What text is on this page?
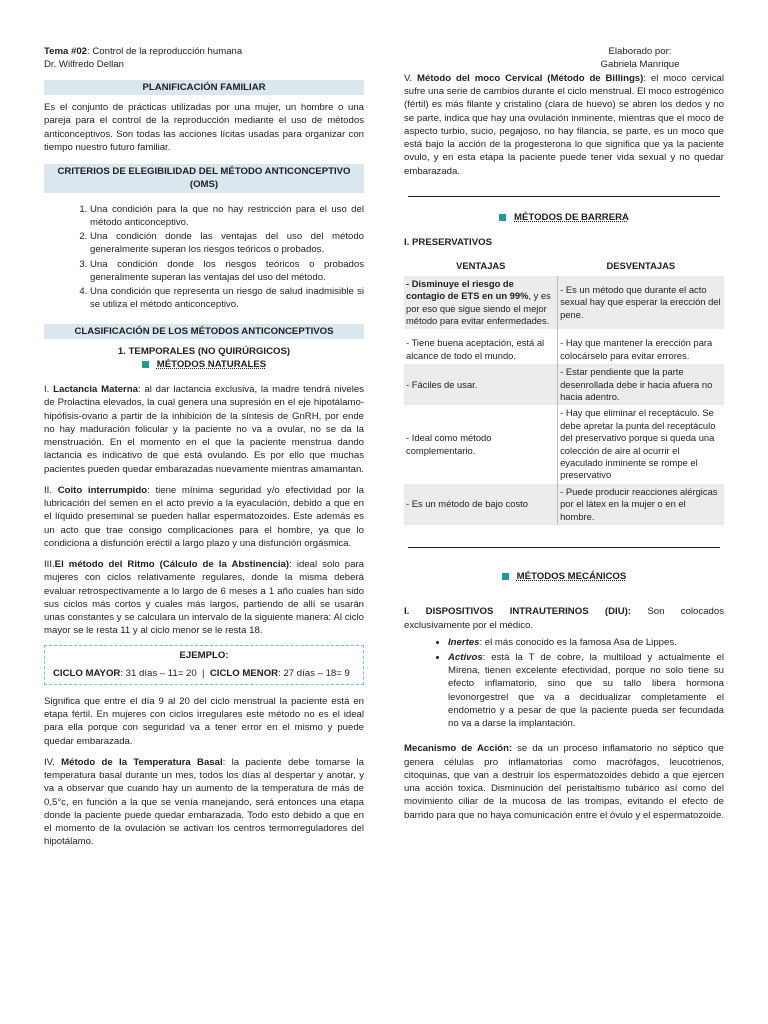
Tema #02: Control de la reproducción humana
Dr. Wilfredo Dellan
Elaborado por:
Gabriela Manrique
PLANIFICACIÓN FAMILIAR

Es el conjunto de prácticas utilizadas por una mujer, un hombre o una pareja para el control de la reproducción mediante el uso de métodos anticonceptivos. Son todas las acciones lícitas usadas para organizar con tiempo nuestro futuro familiar.

CRITERIOS DE ELEGIBILIDAD DEL MÉTODO ANTICONCEPTIVO (OMS)
1. Una condición para la que no hay restricción para el uso del método anticonceptivo.
2. Una condición donde las ventajas del uso del método generalmente superan los riesgos teóricos o probados.
3. Una condición donde los riesgos teóricos o probados generalmente superan las ventajas del uso del método.
4. Una condición que representa un riesgo de salud inadmisible si se utiliza el método anticonceptivo.
CLASIFICACIÓN DE LOS MÉTODOS ANTICONCEPTIVOS
1. TEMPORALES (NO QUIRÚRGICOS)
MÉTODOS NATURALES

I. Lactancia Materna: al dar lactancia exclusiva, la madre tendrá niveles de Prolactina elevados, la cual genera una supresión en el eje hipotálamo-hipófisis-ovario a partir de la inhibición de la síntesis de GnRH, por ende no hay maduración folicular y la paciente no va a ovular, no se da la menstruación. En el momento en el que la paciente menstrua dando lactancia es indicativo de que está ovulando. Es por ello que muchas pacientes pueden quedar embarazadas nuevamente mientras amamantan.

II. Coito interrumpido: tiene mínima seguridad y/o efectividad por la lubricación del semen en el acto previo a la eyaculación, debido a que en el líquido preseminal se pueden hallar espermatozoides. Este además es un acto que trae consigo complicaciones para el hombre, ya que lo condiciona a disfunción eréctil a largo plazo y una disfunción orgásmica.

III.El método del Ritmo (Cálculo de la Abstinencia): ideal solo para mujeres con ciclos relativamente regulares, donde la misma deberá evaluar retrospectivamente a lo largo de 6 meses a 1 año cuales han sido sus ciclos más cortos y cuales más largos, partiendo de allí se usarán unas constantes y se calculara un intervalo de la siguiente manera: Al ciclo mayor se le resta 11 y al ciclo menor se le resta 18.

EJEMPLO:
CICLO MAYOR: 31 días – 11= 20  |  CICLO MENOR: 27 días – 18= 9

Significa que entre el día 9 al 20 del ciclo menstrual la paciente está en etapa fértil. En mujeres con ciclos irregulares este método no es el ideal para ella porque con seguridad va a tener error en el mismo y puede quedar embarazada.

IV. Método de la Temperatura Basal: la paciente debe tomarse la temperatura basal durante un mes, todos los días al despertar y anotar, y va a observar que cuando hay un aumento de la temperatura de más de 0,5°c, en función a la que se venía manejando, será entonces una etapa donde la paciente puede quedar embarazada. Todo esto debido a que en el momento de la ovulación se activan los centros termorreguladores del hipotálamo.

V. Método del moco Cervical (Método de Billings): el moco cervical sufre una serie de cambios durante el ciclo menstrual. El moco estrogénico (fértil) es más filante y cristalino (clara de huevo) se abren los dedos y no se parte, indica que hay una ovulación inminente, mientras que el moco de aspecto turbio, sucio, pegajoso, no hay filancia, se parte, es un moco que está bajo la acción de la progesterona lo que significa que ya la paciente ovulo, y en esta etapa la paciente puede tener vida sexual y no quedar embarazada.

MÉTODOS DE BARRERA
I. PRESERVATIVOS
VENTAJAS	DESVENTAJAS
- Disminuye el riesgo de contagio de ETS en un 99%, y es por eso que sigue siendo el mejor método para evitar enfermedades.	- Es un método que durante el acto sexual hay que esperar la erección del pene.
- Tiene buena aceptación, está al alcance de todo el mundo.	- Hay que mantener la erección para colocárselo para evitar errores.
- Fáciles de usar.	- Estar pendiente que la parte desenrollada debe ir hacia afuera no hacia adentro.
- Ideal como método complementario.	- Hay que eliminar el receptáculo. Se debe apretar la punta del receptáculo del preservativo porque si queda una colección de aire al ocurrir el eyaculado inminente se rompe el preservativo
- Es un método de bajo costo	- Puede producir reacciones alérgicas por el látex en la mujer o en el hombre.
MÉTODOS MECÁNICOS

I. DISPOSITIVOS INTRAUTERINOS (DIU): Son colocados exclusivamente por el médico.

• Inertes: el más conocido es la famosa Asa de Lippes.
• Activos: está la T de cobre, la multiload y actualmente el Mirena, tienen excelente efectividad, porque no solo tiene su efecto inflamatorio, sino que su tallo libera hormona levonorgestrel que va a decidualizar completamente el endometrio y a pesar de que la paciente pueda ser fecundada no va a darse la implantación.

Mecanismo de Acción: se da un proceso inflamatorio no séptico que genera células pro inflamatorias como macrófagos, leucotrienos, citoquinas, que van a destruir los espermatozoides debido a que ejercen una acción toxica. Disminución del peristaltismo tubárico así como del movimiento ciliar de la mucosa de las trompas, evitando el efecto de barrido para que no haya comunicación entre el óvulo y el espermatozoide.
